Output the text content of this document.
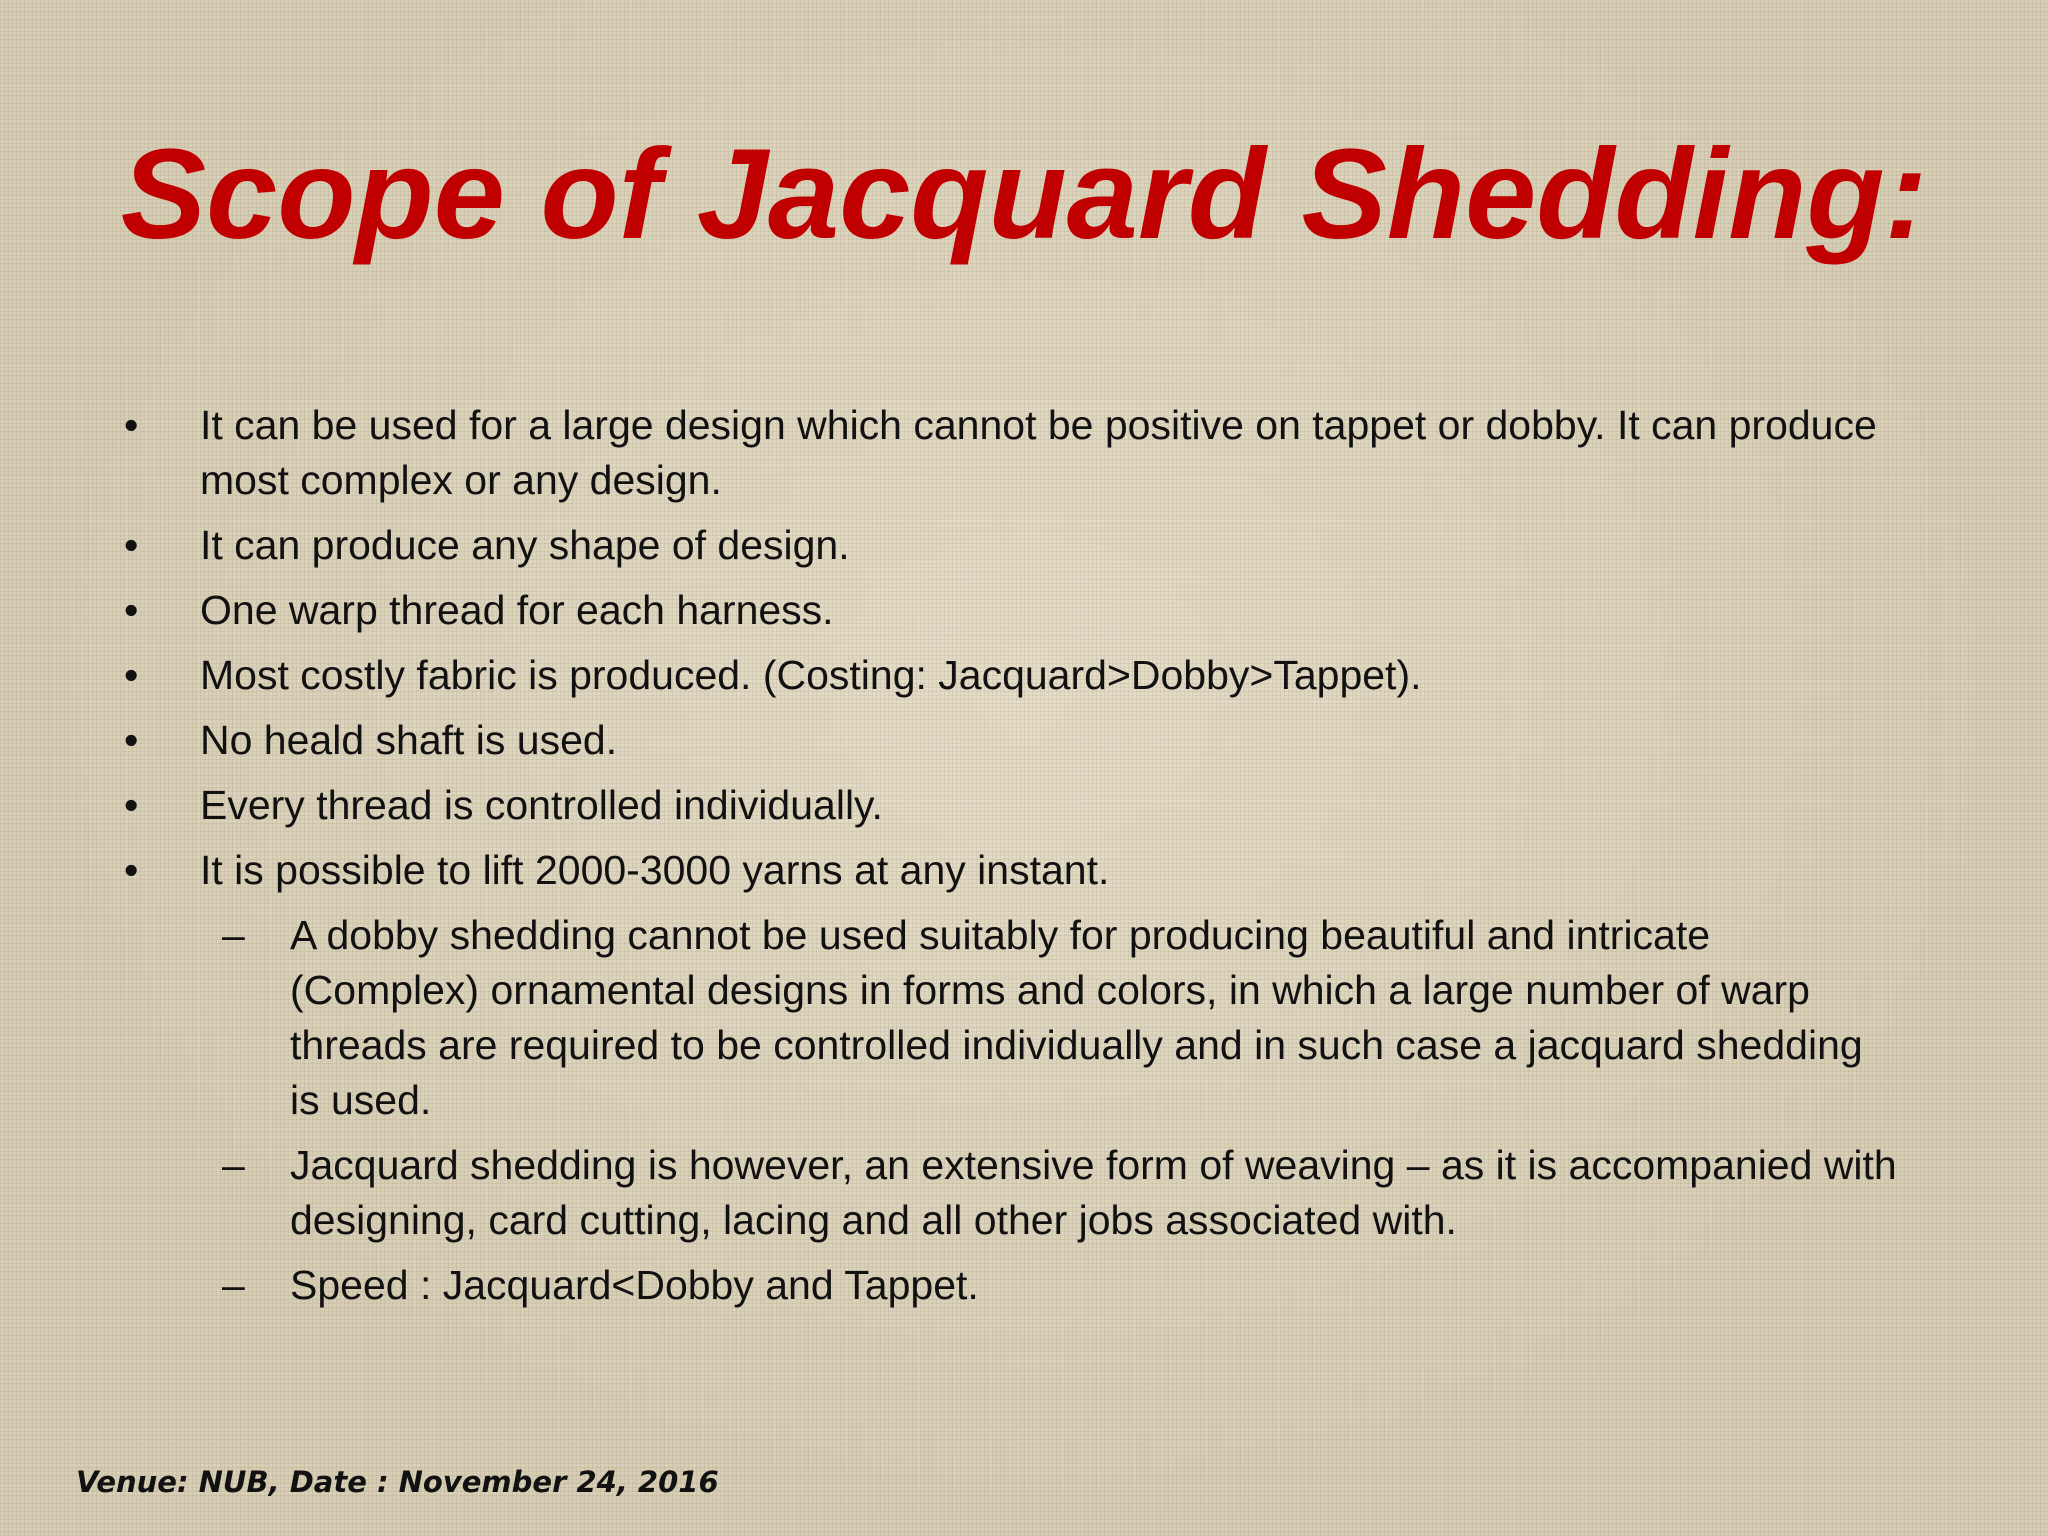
Scope of Jacquard Shedding:
• It can be used for a large design which cannot be positive on tappet or dobby. It can produce most complex or any design.
• It can produce any shape of design.
• One warp thread for each harness.
• Most costly fabric is produced. (Costing: Jacquard>Dobby>Tappet).
• No heald shaft is used.
• Every thread is controlled individually.
• It is possible to lift 2000-3000 yarns at any instant.
– A dobby shedding cannot be used suitably for producing beautiful and intricate (Complex) ornamental designs in forms and colors, in which a large number of warp threads are required to be controlled individually and in such case a jacquard shedding is used.
– Jacquard shedding is however, an extensive form of weaving – as it is accompanied with designing, card cutting, lacing and all other jobs associated with.
– Speed : Jacquard<Dobby and Tappet.
Venue: NUB, Date : November 24, 2016
